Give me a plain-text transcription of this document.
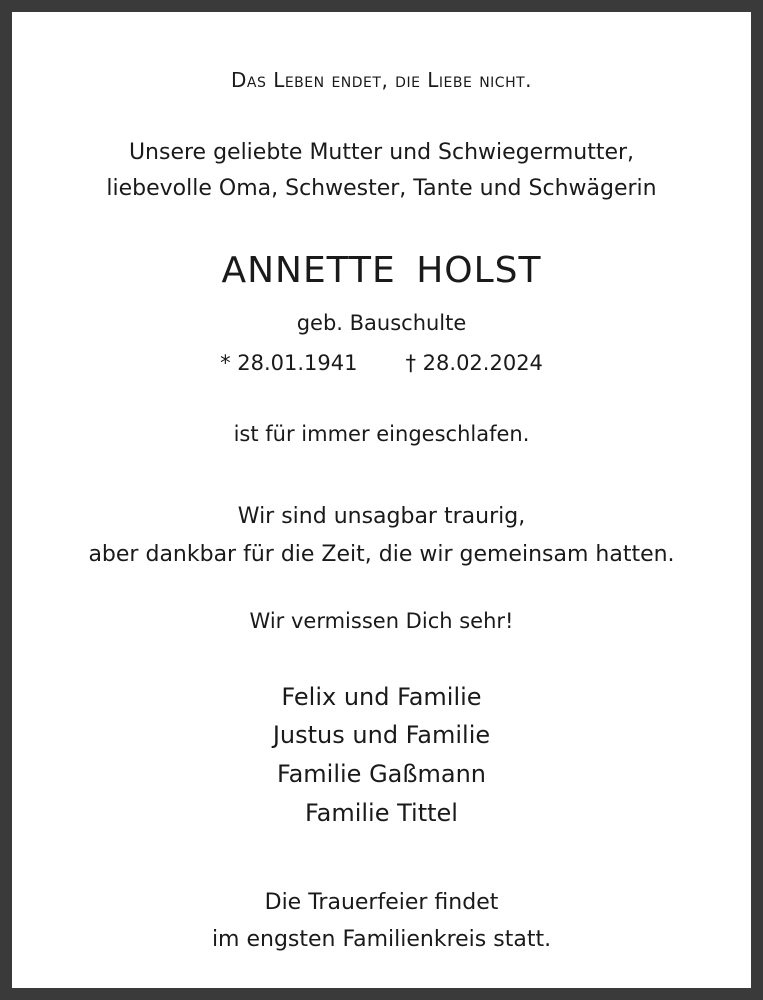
Das Leben endet, die Liebe nicht.

Unsere geliebte Mutter und Schwiegermutter,

liebevolle Oma, Schwester, Tante und Schwägerin

ANNETTE HOLST

geb. Bauschulte

* 28.01.1941 † 28.02.2024

ist für immer eingeschlafen.

Wir sind unsagbar traurig,

aber dankbar für die Zeit, die wir gemeinsam hatten.

Wir vermissen Dich sehr!

Felix und Familie

Justus und Familie

Familie Gaßmann

Familie Tittel

Die Trauerfeier findet

im engsten Familienkreis statt.
